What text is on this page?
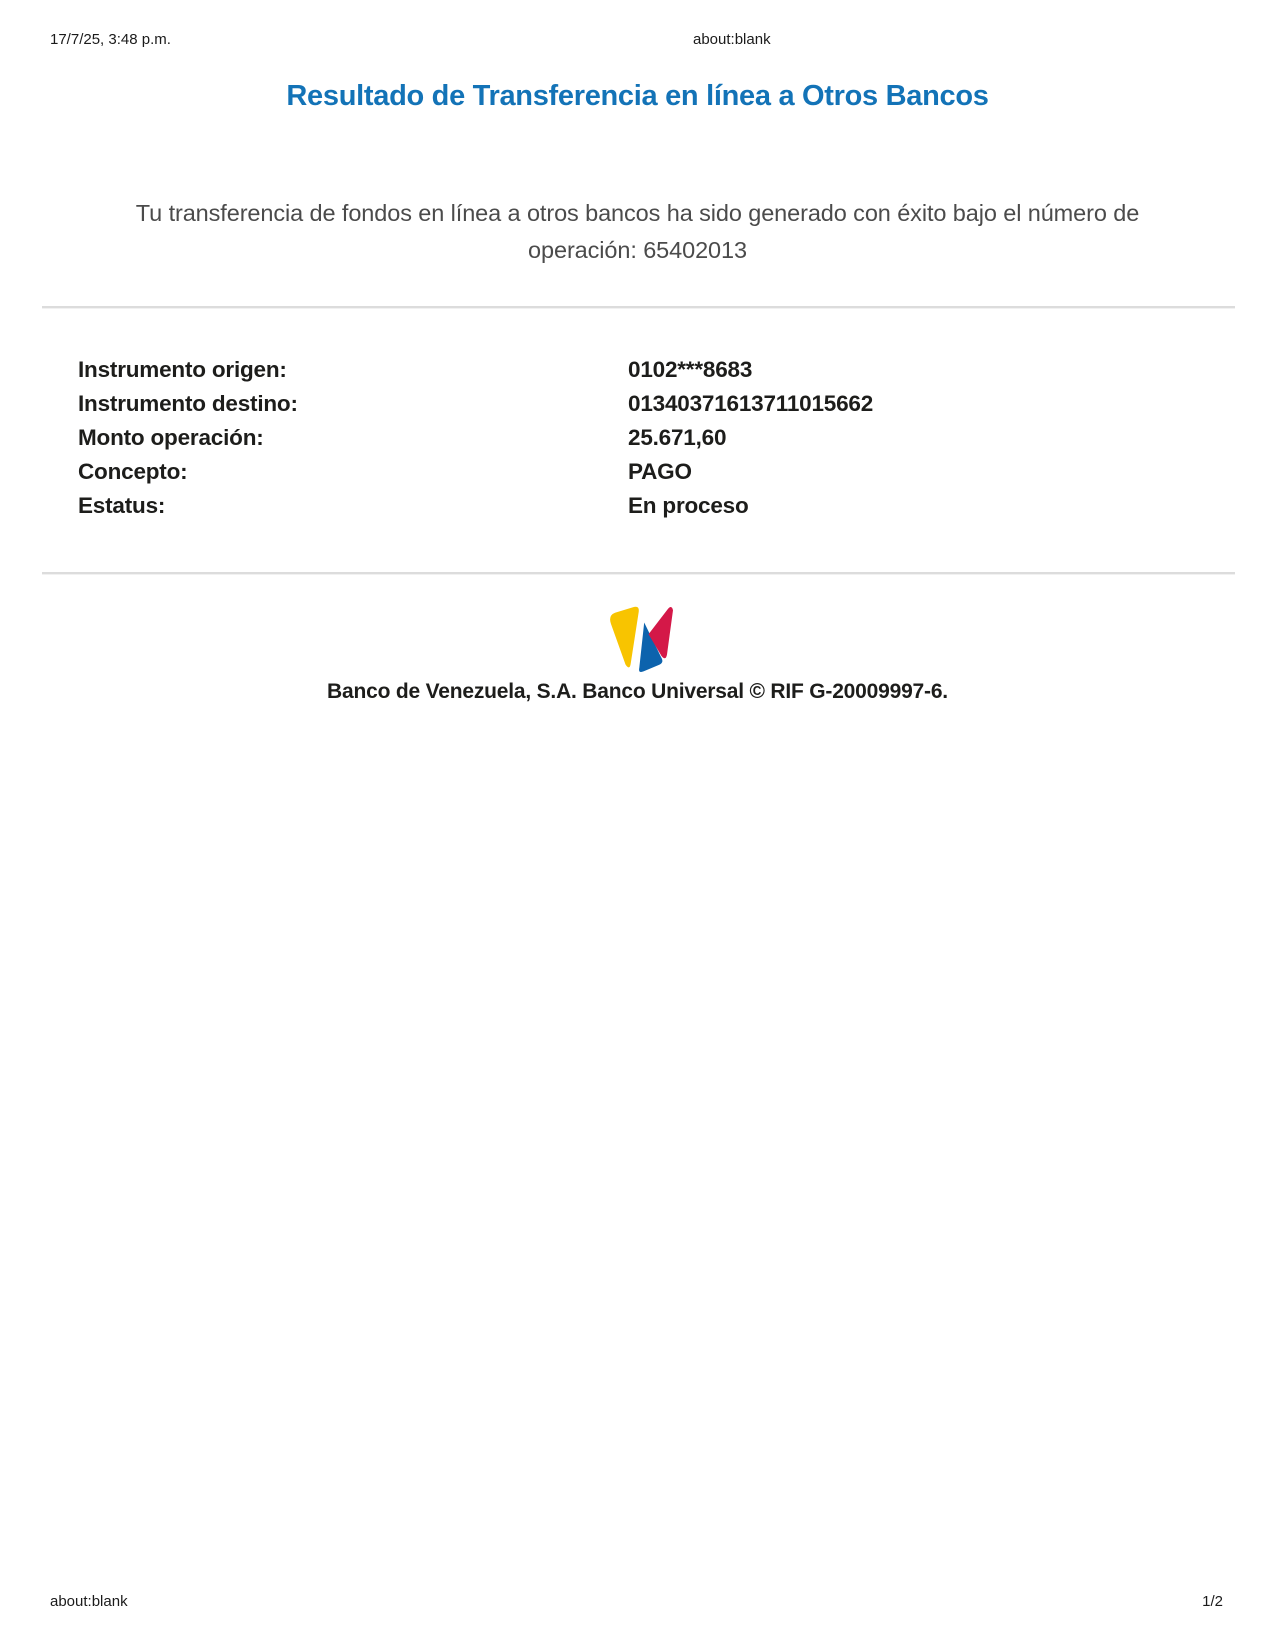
17/7/25, 3:48 p.m.	about:blank
Resultado de Transferencia en línea a Otros Bancos
Tu transferencia de fondos en línea a otros bancos ha sido generado con éxito bajo el número de
operación: 65402013
Instrumento origen:	0102***8683
Instrumento destino:	01340371613711015662
Monto operación:	25.671,60
Concepto:	PAGO
Estatus:	En proceso
Banco de Venezuela, S.A. Banco Universal © RIF G-20009997-6.
about:blank	1/2
